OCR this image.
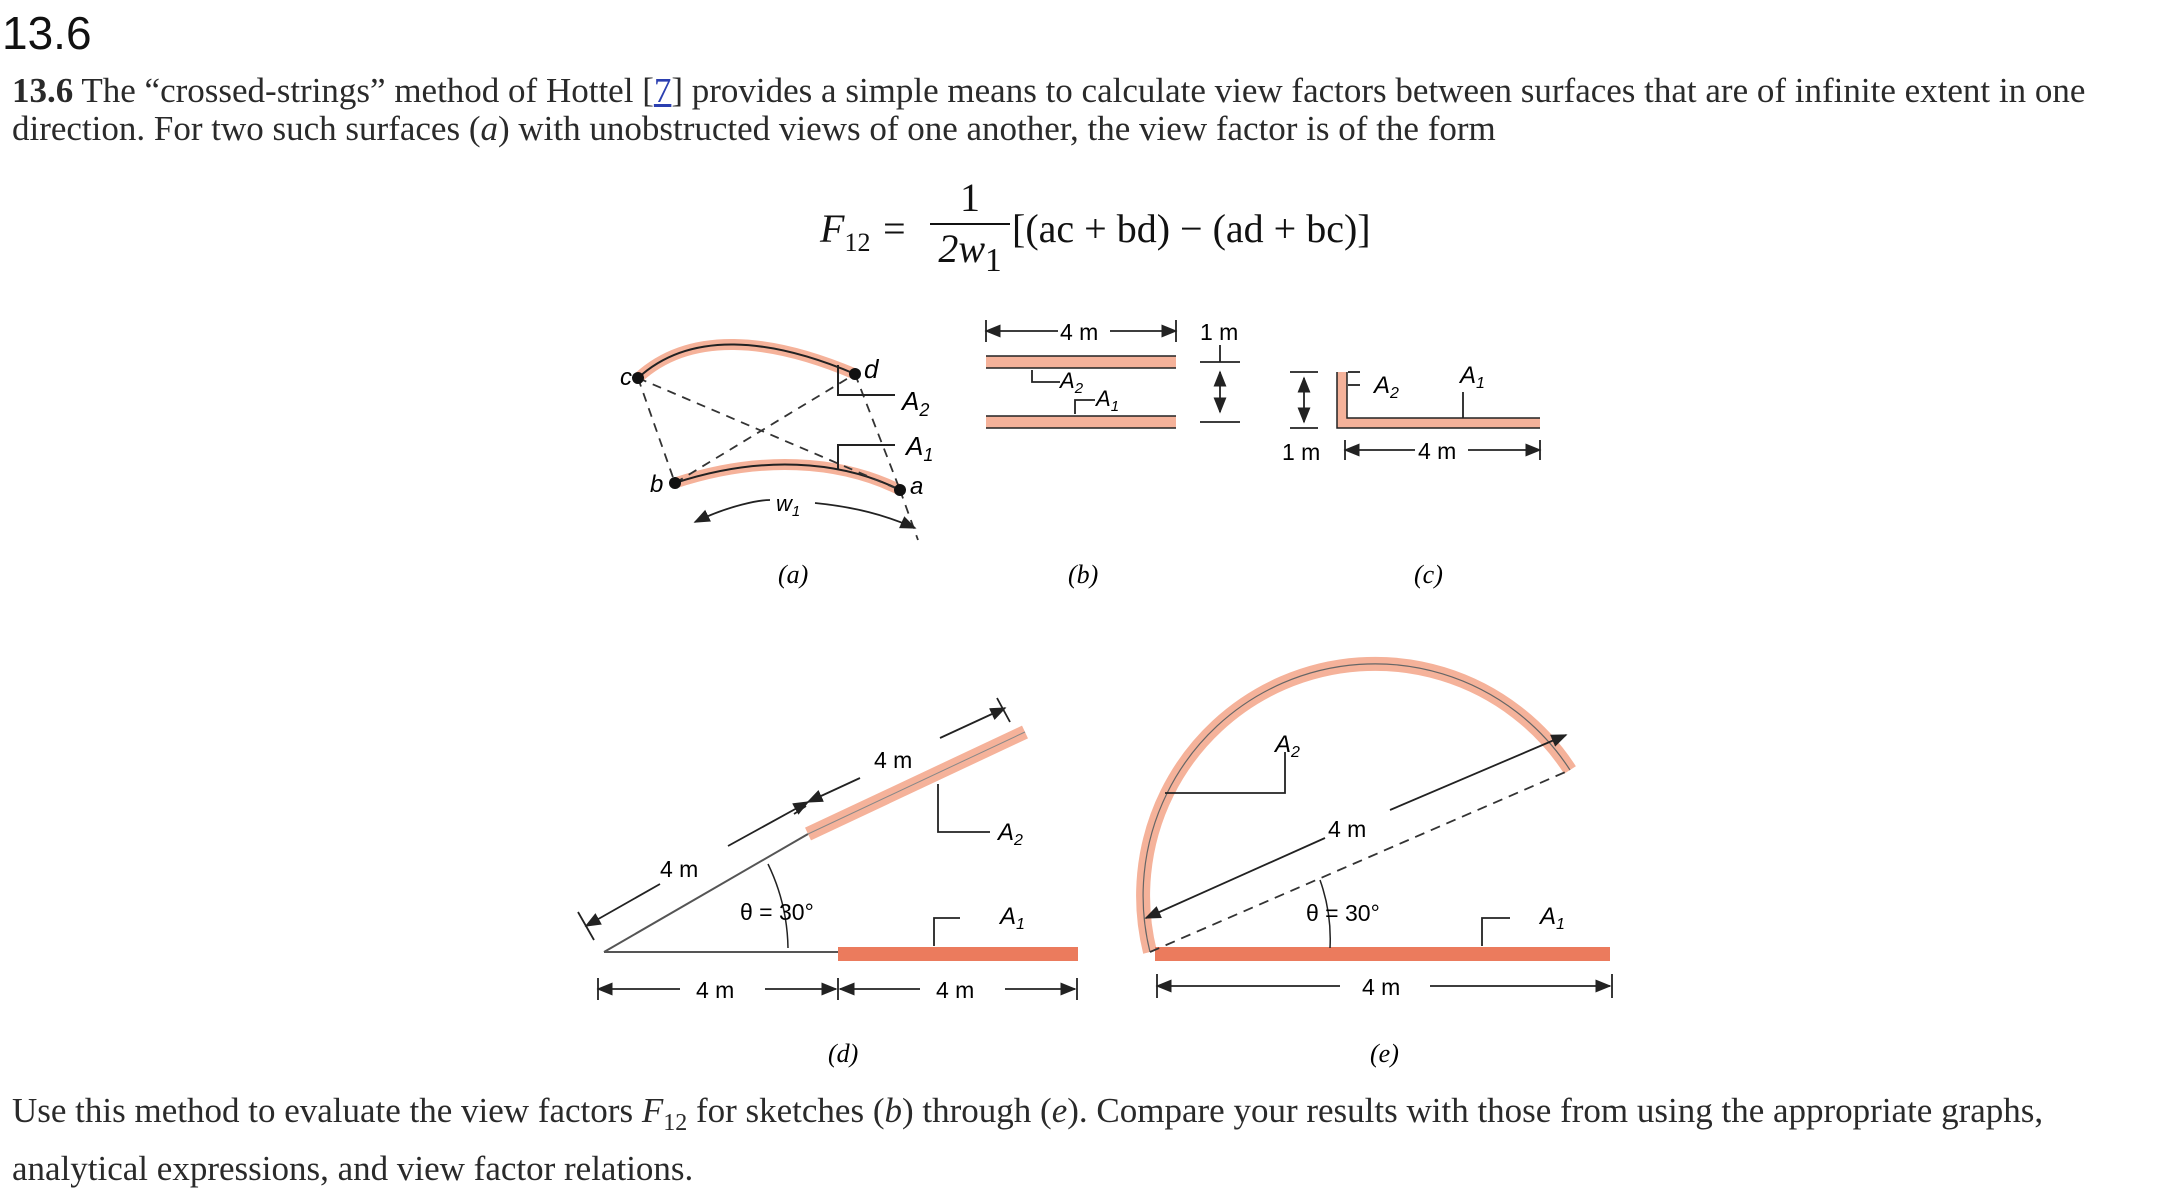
13.6
13.6 The “crossed-strings” method of Hottel [7] provides a simple means to calculate view factors between surfaces that are of infinite extent in one direction. For two such surfaces (a) with unobstructed views of one another, the view factor is of the form
$F_{12}$ =
1
$2w_1$
[(ac + bd) − (ad + bc)]
c	d
b	a
$A_2$
$A_1$
$w_1$
(a)
4 m	1 m
$A_2$ $A_1$
(b)
1 m	4 m
$A_2$
$A_1$
(c)
4 m
4 m
θ = 30°	$A_1$
$A_2$
4 m	4 m
(d)
4 m
θ = 30°
$A_2$
$A_1$
4 m
(e)
Use this method to evaluate the view factors $F_{12}$ for sketches (b) through (e). Compare your results with those from using the appropriate graphs, analytical expressions, and view factor relations.
